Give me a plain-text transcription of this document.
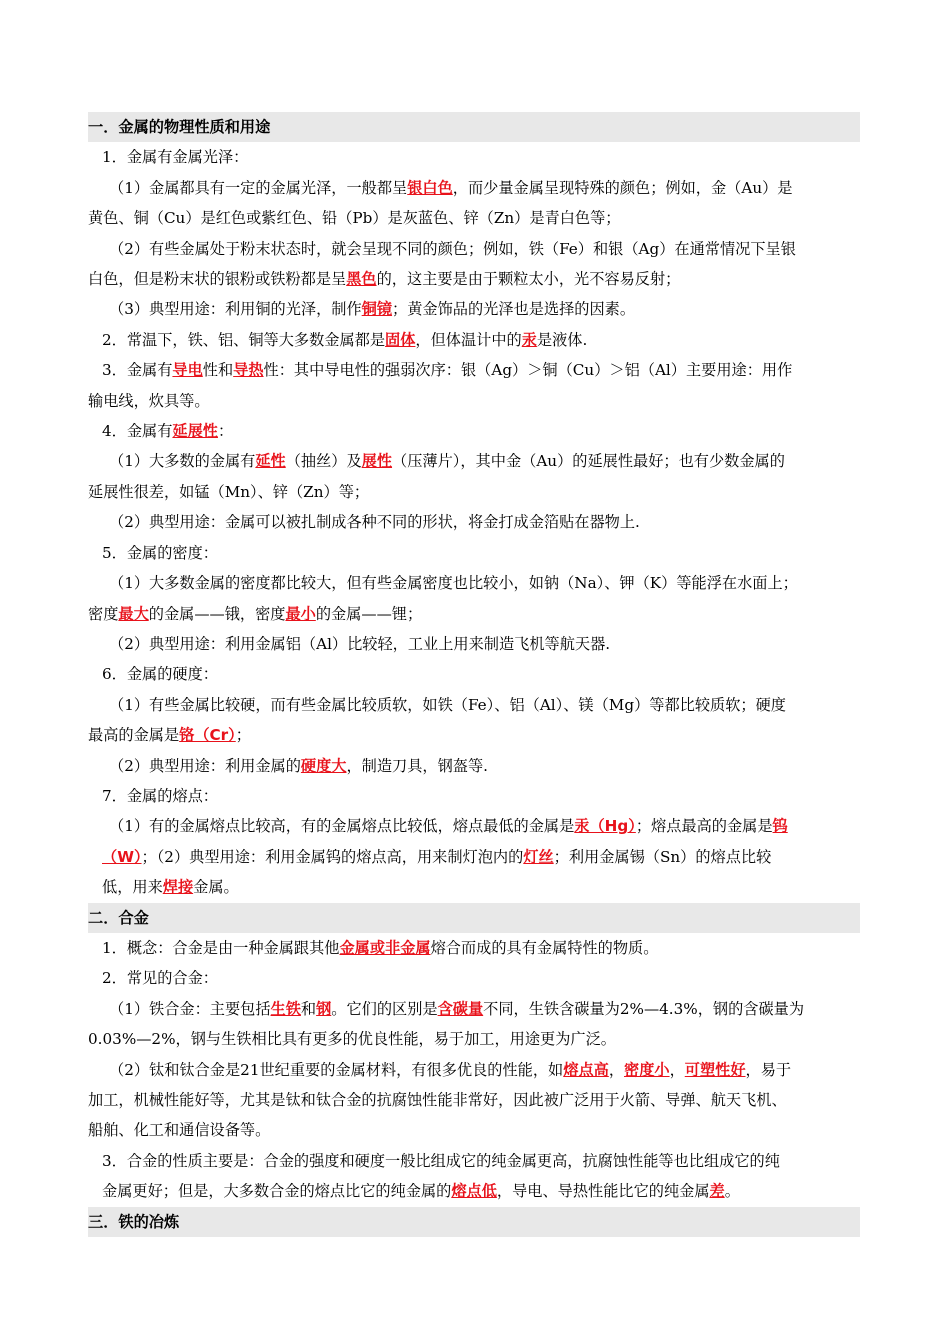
一．金属的物理性质和用途
1．金属有金属光泽：
（1）金属都具有一定的金属光泽，一般都呈银白色，而少量金属呈现特殊的颜色；例如，金（Au）是
黄色、铜（Cu）是红色或紫红色、铅（Pb）是灰蓝色、锌（Zn）是青白色等；
（2）有些金属处于粉末状态时，就会呈现不同的颜色；例如，铁（Fe）和银（Ag）在通常情况下呈银
白色，但是粉末状的银粉或铁粉都是呈黑色的，这主要是由于颗粒太小，光不容易反射；
（3）典型用途：利用铜的光泽，制作铜镜；黄金饰品的光泽也是选择的因素。
2．常温下，铁、铝、铜等大多数金属都是固体，但体温计中的汞是液体.
3．金属有导电性和导热性：其中导电性的强弱次序：银（Ag）＞铜（Cu）＞铝（Al）主要用途：用作
输电线，炊具等。
4．金属有延展性：
（1）大多数的金属有延性（抽丝）及展性（压薄片），其中金（Au）的延展性最好；也有少数金属的
延展性很差，如锰（Mn）、锌（Zn）等；
（2）典型用途：金属可以被扎制成各种不同的形状，将金打成金箔贴在器物上.
5．金属的密度：
（1）大多数金属的密度都比较大，但有些金属密度也比较小，如钠（Na）、钾（K）等能浮在水面上；
密度最大的金属——锇，密度最小的金属——锂；
（2）典型用途：利用金属铝（Al）比较轻，工业上用来制造飞机等航天器.
6．金属的硬度：
（1）有些金属比较硬，而有些金属比较质软，如铁（Fe）、铝（Al）、镁（Mg）等都比较质软；硬度
最高的金属是铬（Cr）；
（2）典型用途：利用金属的硬度大，制造刀具，钢盔等.
7．金属的熔点：
（1）有的金属熔点比较高，有的金属熔点比较低，熔点最低的金属是汞（Hg）；熔点最高的金属是钨
（W）；（2）典型用途：利用金属钨的熔点高，用来制灯泡内的灯丝；利用金属锡（Sn）的熔点比较
低，用来焊接金属。
二．合金
1．概念：合金是由一种金属跟其他金属或非金属熔合而成的具有金属特性的物质。
2．常见的合金：
（1）铁合金：主要包括生铁和钢。它们的区别是含碳量不同，生铁含碳量为2%—4.3%，钢的含碳量为
0.03%—2%，钢与生铁相比具有更多的优良性能，易于加工，用途更为广泛。
（2）钛和钛合金是21世纪重要的金属材料，有很多优良的性能，如熔点高，密度小，可塑性好，易于
加工，机械性能好等，尤其是钛和钛合金的抗腐蚀性能非常好，因此被广泛用于火箭、导弹、航天飞机、
船舶、化工和通信设备等。
3．合金的性质主要是：合金的强度和硬度一般比组成它的纯金属更高，抗腐蚀性能等也比组成它的纯
金属更好；但是，大多数合金的熔点比它的纯金属的熔点低，导电、导热性能比它的纯金属差。
三．铁的冶炼
